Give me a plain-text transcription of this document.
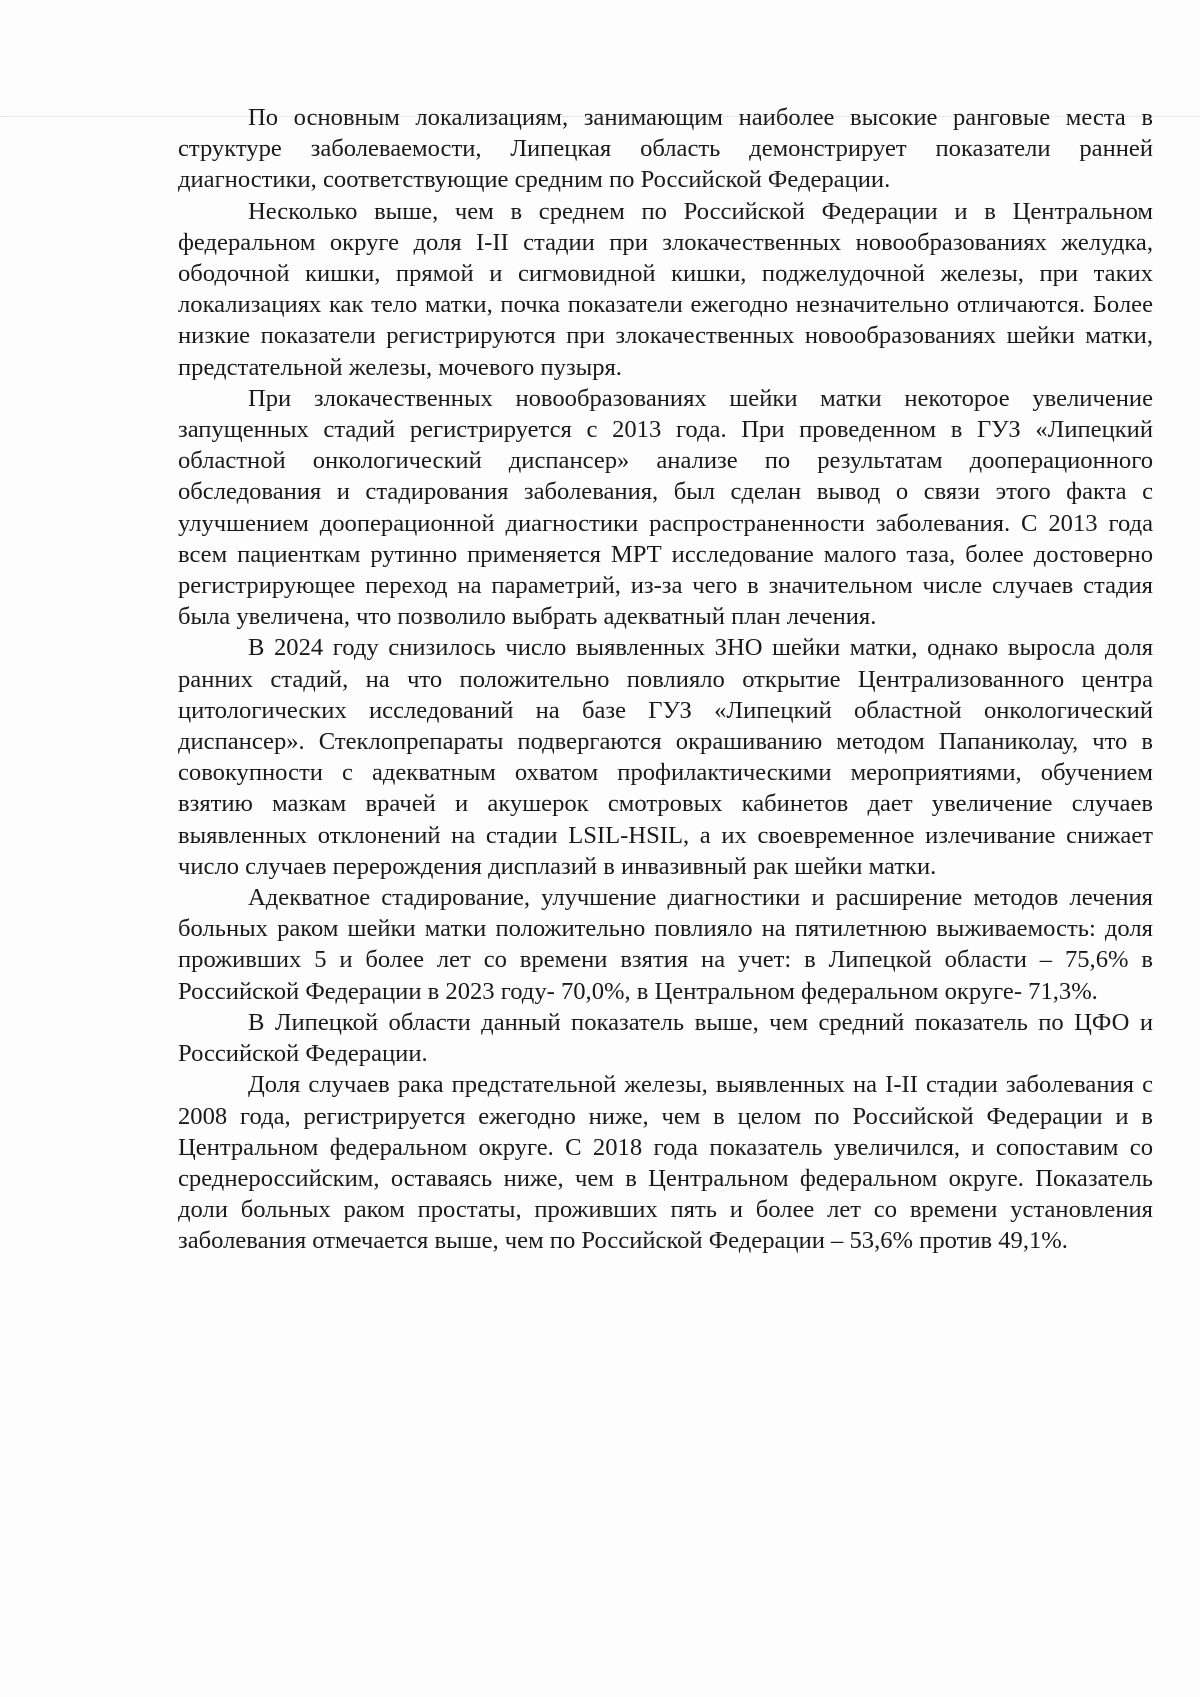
По основным локализациям, занимающим наиболее высокие ранговые места в структуре заболеваемости, Липецкая область демонстрирует показатели ранней диагностики, соответствующие средним по Российской Федерации.

Несколько выше, чем в среднем по Российской Федерации и в Центральном федеральном округе доля I-II стадии при злокачественных новообразованиях желудка, ободочной кишки, прямой и сигмовидной кишки, поджелудочной железы, при таких локализациях как тело матки, почка показатели ежегодно незначительно отличаются. Более низкие показатели регистрируются при злокачественных новообразованиях шейки матки, предстательной железы, мочевого пузыря.

При злокачественных новообразованиях шейки матки некоторое увеличение запущенных стадий регистрируется с 2013 года. При проведенном в ГУЗ «Липецкий областной онкологический диспансер» анализе по результатам дооперационного обследования и стадирования заболевания, был сделан вывод о связи этого факта с улучшением дооперационной диагностики распространенности заболевания. С 2013 года всем пациенткам рутинно применяется МРТ исследование малого таза, более достоверно регистрирующее переход на параметрий, из-за чего в значительном числе случаев стадия была увеличена, что позволило выбрать адекватный план лечения.

В 2024 году снизилось число выявленных ЗНО шейки матки, однако выросла доля ранних стадий, на что положительно повлияло открытие Централизованного центра цитологических исследований на базе ГУЗ «Липецкий областной онкологический диспансер». Стеклопрепараты подвергаются окрашиванию методом Папаниколау, что в совокупности с адекватным охватом профилактическими мероприятиями, обучением взятию мазкам врачей и акушерок смотровых кабинетов дает увеличение случаев выявленных отклонений на стадии LSIL-HSIL, а их своевременное излечивание снижает число случаев перерождения дисплазий в инвазивный рак шейки матки.

Адекватное стадирование, улучшение диагностики и расширение методов лечения больных раком шейки матки положительно повлияло на пятилетнюю выживаемость: доля проживших 5 и более лет со времени взятия на учет: в Липецкой области – 75,6% в Российской Федерации в 2023 году- 70,0%, в Центральном федеральном округе- 71,3%.

В Липецкой области данный показатель выше, чем средний показатель по ЦФО и Российской Федерации.

Доля случаев рака предстательной железы, выявленных на I-II стадии заболевания с 2008 года, регистрируется ежегодно ниже, чем в целом по Российской Федерации и в Центральном федеральном округе. С 2018 года показатель увеличился, и сопоставим со среднероссийским, оставаясь ниже, чем в Центральном федеральном округе. Показатель доли больных раком простаты, проживших пять и более лет со времени установления заболевания отмечается выше, чем по Российской Федерации – 53,6% против 49,1%.
